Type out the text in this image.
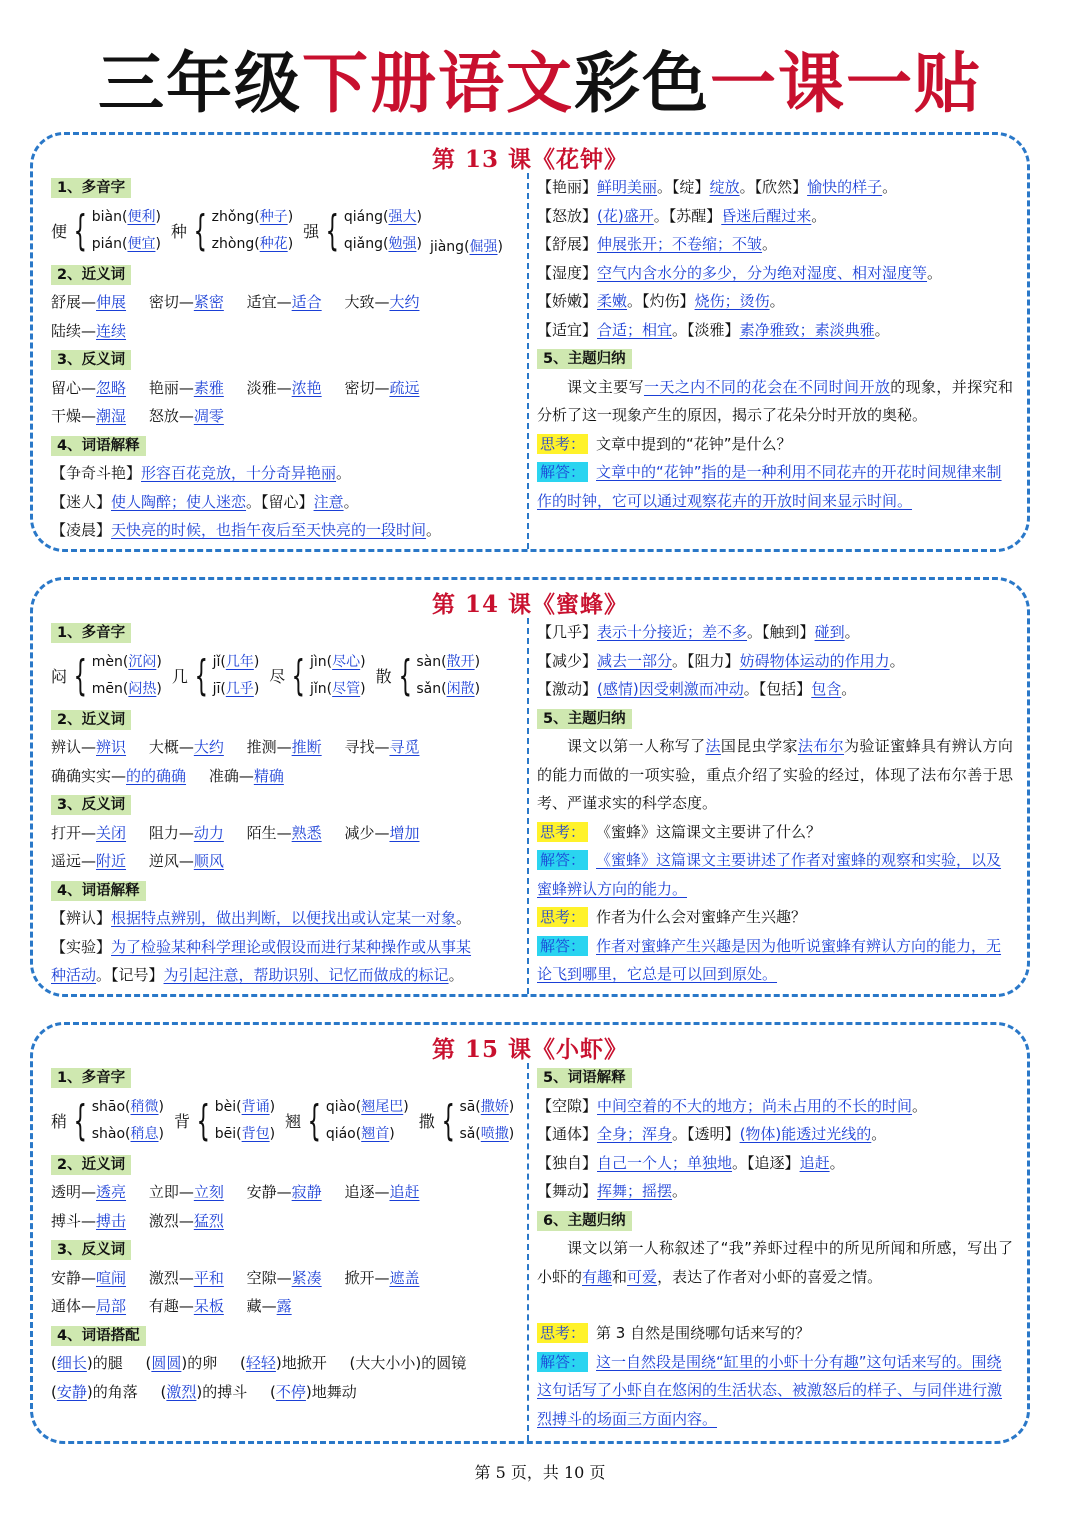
三年级下册语文彩色一课一贴
第 13 课《花钟》
1、多音字
便 { biàn(便利)
pián(便宜)
种 { zhǒng(种子)
zhòng(种花)
强 { qiáng(强大)
qiǎng(勉强) jiàng(倔强)
2、近义词
舒展—伸展 密切—紧密 适宜—适合 大致—大约
陆续—连续
3、反义词
留心—忽略 艳丽—素雅 淡雅—浓艳 密切—疏远
干燥—潮湿 怒放—凋零
4、词语解释
【争奇斗艳】形容百花竞放，十分奇异艳丽。
【迷人】使人陶醉；使人迷恋。【留心】注意。
【凌晨】天快亮的时候，也指午夜后至天快亮的一段时间。
【艳丽】鲜明美丽。【绽】绽放。【欣然】愉快的样子。
【怒放】(花)盛开。【苏醒】昏迷后醒过来。
【舒展】伸展张开；不卷缩；不皱。
【湿度】空气内含水分的多少，分为绝对湿度、相对湿度等。
【娇嫩】柔嫩。【灼伤】烧伤；烫伤。
【适宜】合适；相宜。【淡雅】素净雅致；素淡典雅。
5、主题归纳
课文主要写一天之内不同的花会在不同时间开放的现象，并探究和分析了这一现象产生的原因，揭示了花朵分时开放的奥秘。
思考： 文章中提到的“花钟”是什么？
解答： 文章中的“花钟”指的是一种利用不同花卉的开花时间规律来制作的时钟，它可以通过观察花卉的开放时间来显示时间。
第 14 课《蜜蜂》
1、多音字
闷 { mèn(沉闷)
mēn(闷热)
几 { jǐ(几年)
jī(几乎)
尽 { jìn(尽心)
jǐn(尽管)
散 { sàn(散开)
sǎn(闲散)
2、近义词
辨认—辨识 大概—大约 推测—推断 寻找—寻觅
确确实实—的的确确 准确—精确
3、反义词
打开—关闭 阻力—动力 陌生—熟悉 减少—增加
遥远—附近 逆风—顺风
4、词语解释
【辨认】根据特点辨别，做出判断，以便找出或认定某一对象。
【实验】为了检验某种科学理论或假设而进行某种操作或从事某
种活动。【记号】为引起注意，帮助识别、记忆而做成的标记。
【几乎】表示十分接近；差不多。【触到】碰到。
【减少】减去一部分。【阻力】妨碍物体运动的作用力。
【激动】(感情)因受刺激而冲动。【包括】包含。
5、主题归纳
课文以第一人称写了法国昆虫学家法布尔为验证蜜蜂具有辨认方向的能力而做的一项实验，重点介绍了实验的经过，体现了法布尔善于思考、严谨求实的科学态度。
思考： 《蜜蜂》这篇课文主要讲了什么？
解答： 《蜜蜂》这篇课文主要讲述了作者对蜜蜂的观察和实验，以及蜜蜂辨认方向的能力。
思考： 作者为什么会对蜜蜂产生兴趣？
解答： 作者对蜜蜂产生兴趣是因为他听说蜜蜂有辨认方向的能力，无论飞到哪里，它总是可以回到原处。
第 15 课《小虾》
1、多音字
稍 { shāo(稍微)
shào(稍息)
背 { bèi(背诵)
bēi(背包)
翘 { qiào(翘尾巴)
qiáo(翘首)
撒 { sā(撒娇)
sǎ(喷撒)
2、近义词
透明—透亮 立即—立刻 安静—寂静 追逐—追赶
搏斗—搏击 激烈—猛烈
3、反义词
安静—喧闹 激烈—平和 空隙—紧凑 掀开—遮盖
通体—局部 有趣—呆板 藏—露
4、词语搭配
(细长)的腿 (圆圆)的卵 (轻轻)地掀开 (大大小小)的圆镜
(安静)的角落 (激烈)的搏斗 (不停)地舞动
5、词语解释
【空隙】中间空着的不大的地方；尚未占用的不长的时间。
【通体】全身；浑身。【透明】(物体)能透过光线的。
【独自】自己一个人；单独地。【追逐】追赶。
【舞动】挥舞；摇摆。
6、主题归纳
课文以第一人称叙述了“我”养虾过程中的所见所闻和所感，写出了小虾的有趣和可爱，表达了作者对小虾的喜爱之情。
思考： 第 3 自然是围绕哪句话来写的？
解答： 这一自然段是围绕“缸里的小虾十分有趣”这句话来写的。围绕这句话写了小虾自在悠闲的生活状态、被激怒后的样子、与同伴进行激烈搏斗的场面三方面内容。
第 5 页，共 10 页
